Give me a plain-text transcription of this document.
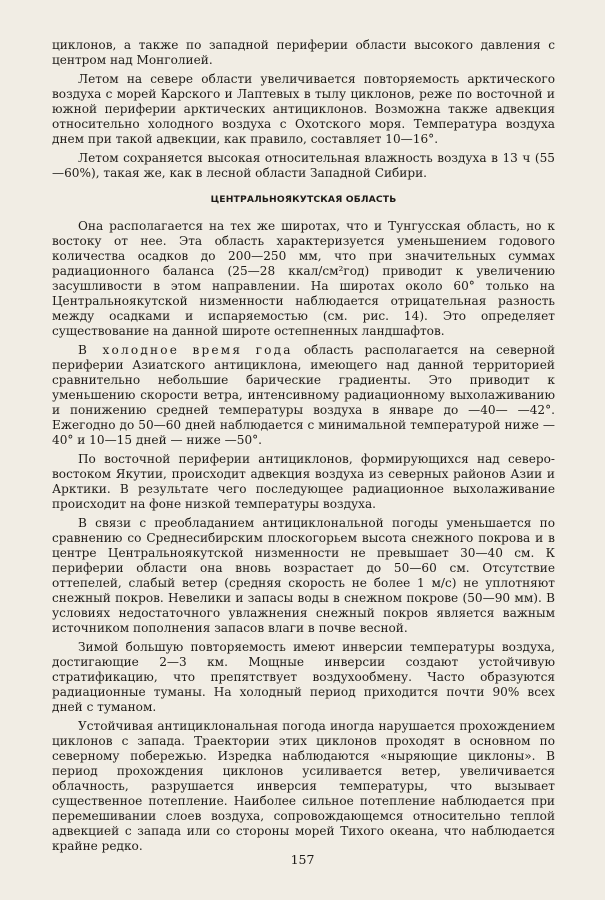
циклонов, а также по западной периферии области высокого давления с центром над Монголией.

Летом на севере области увеличивается повторяемость арктического воздуха с морей Карского и Лаптевых в тылу циклонов, реже по восточной и южной периферии арктических антициклонов. Возможна также адвекция относительно холодного воздуха с Охотского моря. Температура воздуха днем при такой адвекции, как правило, составляет 10—16°.

Летом сохраняется высокая относительная влажность воздуха в 13 ч (55—60%), такая же, как в лесной области Западной Сибири.

ЦЕНТРАЛЬНОЯКУТСКАЯ ОБЛАСТЬ

Она располагается на тех же широтах, что и Тунгусская область, но к востоку от нее. Эта область характеризуется уменьшением годового количества осадков до 200—250 мм, что при значительных суммах радиационного баланса (25—28 ккал/см²год) приводит к увеличению засушливости в этом направлении. На широтах около 60° только на Центральноякутской низменности наблюдается отрицательная разность между осадками и испаряемостью (см. рис. 14). Это определяет существование на данной широте остепненных ландшафтов.

В холодное время года область располагается на северной периферии Азиатского антициклона, имеющего над данной территорией сравнительно небольшие барические градиенты. Это приводит к уменьшению скорости ветра, интенсивному радиационному выхолаживанию и понижению средней температуры воздуха в январе до —40— —42°. Ежегодно до 50—60 дней наблюдается с минимальной температурой ниже —40° и 10—15 дней — ниже —50°.

По восточной периферии антициклонов, формирующихся над северо-востоком Якутии, происходит адвекция воздуха из северных районов Азии и Арктики. В результате чего последующее радиационное выхолаживание происходит на фоне низкой температуры воздуха.

В связи с преобладанием антициклональной погоды уменьшается по сравнению со Среднесибирским плоскогорьем высота снежного покрова и в центре Центральноякутской низменности не превышает 30—40 см. К периферии области она вновь возрастает до 50—60 см. Отсутствие оттепелей, слабый ветер (средняя скорость не более 1 м/с) не уплотняют снежный покров. Невелики и запасы воды в снежном покрове (50—90 мм). В условиях недостаточного увлажнения снежный покров является важным источником пополнения запасов влаги в почве весной.

Зимой большую повторяемость имеют инверсии температуры воздуха, достигающие 2—3 км. Мощные инверсии создают устойчивую стратификацию, что препятствует воздухообмену. Часто образуются радиационные туманы. На холодный период приходится почти 90% всех дней с туманом.

Устойчивая антициклональная погода иногда нарушается прохождением циклонов с запада. Траектории этих циклонов проходят в основном по северному побережью. Изредка наблюдаются «ныряющие циклоны». В период прохождения циклонов усиливается ветер, увеличивается облачность, разрушается инверсия температуры, что вызывает существенное потепление. Наиболее сильное потепление наблюдается при перемешивании слоев воздуха, сопровождающемся относительно теплой адвекцией с запада или со стороны морей Тихого океана, что наблюдается крайне редко.

157
